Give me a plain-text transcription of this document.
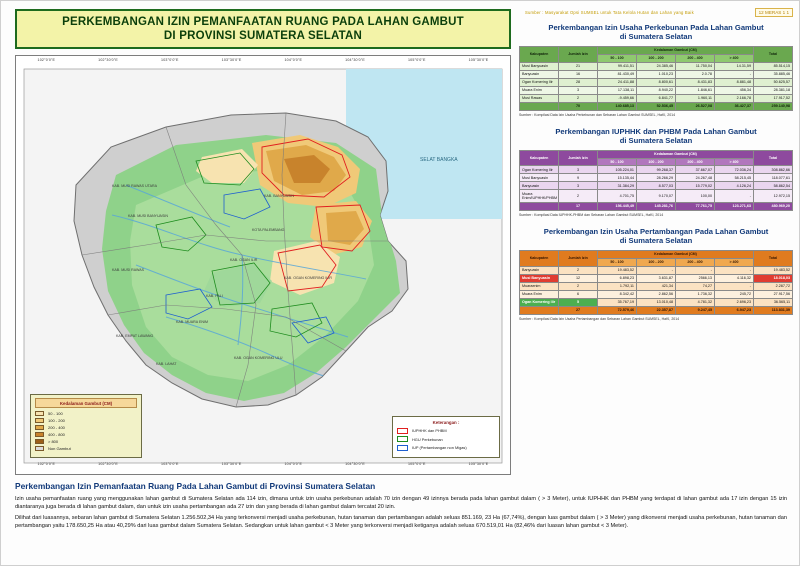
Sumber : Masyarakat Opsi SUMSEL untuk Tata Kelola Hutan dan Lahan yang Baik	12 MERAS 1 1
PERKEMBANGAN IZIN PEMANFAATAN RUANG PADA LAHAN GAMBUT
DI PROVINSI SUMATERA SELATAN
102°0'0"E	102°30'0"E	103°0'0"E	103°30'0"E	104°0'0"E	104°30'0"E	105°0'0"E	105°30'0"E
SELAT BANGKA
KAB. MUSI BANYUASIN
KAB. BANYUASIN
KAB. MUSI RAWAS
KAB. MUARA ENIM
KAB. OGAN KOMERING ILIR
KAB. OGAN KOMERING ULU
KAB. LAHAT
KOTA PALEMBANG
KAB. OGAN ILIR
KAB. EMPAT LAWANG
KAB. PALI
KAB. MUSI RAWAS UTARA
102°0'0"E	102°30'0"E	103°0'0"E	103°30'0"E	104°0'0"E	104°30'0"E	105°0'0"E	105°30'0"E
Kedalaman Gambut (CM)
50 - 100
100 - 200
200 - 400
400 - 800
> 800
Non Gambut
Keterangan :
IUPHHK dan PHBM
HGU Perkebunan
IUP (Pertambangan non Migas)
Perkembangan Izin Usaha Perkebunan Pada Lahan Gambut
di Sumatera Selatan
Kabupaten	Jumlah Izin	Kedalaman Gambut (CM)				Total
		50 - 100	100 - 200	200 - 400	> 400	
Musi Banyuasin	21	99.411,51	24.385,46	11.750,04	14.31,59	85.514,15
Banyuasin	16	81.430,49	1.010,23	2.0.78	-	35.885,46
Ogan Komering Ilir	28	24.411,88	8.800,61	8.431,83	8.881,48	50.625,57
Muara Enim	3	17.138,11	8.940,22	1.846,61	456,34	28.381,18
Musi Rawas	2	-9.459,66	6.841,77	1.960,11	2.166,78	17.917,52
	70	140.685,13	52.536,45	26.527,08	36.427,37	259.140,98
Sumber : Kompilasi Data Izin Usaha Perkebunan dan Sebaran Lahan Gambut SUMSEL, HaKI, 2014
Perkembangan IUPHHK dan PHBM Pada Lahan Gambut
di Sumatera Selatan
Kabupaten	Jumlah Izin	Kedalaman Gambut (CM)				Total
		50 - 100	100 - 200	200 - 400	> 400	
Ogan Komering Ilir	3	105.224,01	99.268,37	37.667,07	72.036,24	308.862,66
Musi Banyuasin	9	15.135,44	28.266,29	24.267,48	58.215,45	118.077,61
Banyuasin	3	31.384,29	8.577,03	15.779,02	4.126,24	58.862,54
Muara Enim/IUPHHK/PHBM	2	4.701,75	9.170,07	100,00	-	12.972,15
	17	156.445,49	145.281,76	77.761,75	123.271,63	480.969,20
Sumber : Kompilasi Data IUPHHK-PHBM dan Sebaran Lahan Gambut SUMSEL, HaKI, 2014
Perkembangan Izin Usaha Pertambangan Pada Lahan Gambut
di Sumatera Selatan
Kabupaten	Jumlah Izin	Kedalaman Gambut (CM)				Total
		50 - 100	100 - 200	200 - 400	> 400	
Banyuasin	2	19.483,52	-	-	-	19.483,52
Musi Banyuasin	12	6.898,23	3.631,87	2566,13	4.116,32	18.018,03
Muaraenim	2	1.792,11	421,34	74,27	-	2.287,72
Muara Enim	6	8.342,42	2.862,56	1.736,32	245,72	27.917,56
Ogan Komering Ilir	5	35.767,19	13.010,48	4.781,32	2.696,23	36.565,11
	27	72.579,46	22.357,87	9.247,45	6.947,23	113.831,39
Sumber : Kompilasi Data Izin Usaha Pertambangan dan Sebaran Lahan Gambut SUMSEL, HaKI, 2014
Perkembangan Izin Pemanfaatan Ruang Pada Lahan Gambut di Provinsi Sumatera Selatan

Izin usaha pemanfaatan ruang yang menggunakan lahan gambut di Sumatera Selatan ada 114 izin, dimana untuk izin usaha perkebunan adalah 70 izin dengan 49 izinnya berada pada lahan gambut dalam ( > 3 Meter), untuk IUPHHK dan PHBM yang terdapat di lahan gambut ada 17 izin dengan 15 izin diantaranya juga berada di lahan gambut dalam, dan untuk izin usaha pertambangan ada 27 izin dan yang berada di lahan gambut dalam tercatat 20 izin.

Dilihat dari luasannya, sebaran lahan gambut di Sumatera Selatan 1.256.502,34 Ha yang terkonversi menjadi usaha perkebunan, hutan tanaman dan pertambangan adalah seluas 851.169, 23 Ha (67,74%), dengan luas gambut dalam ( > 3 Meter) yang dikonversi menjadi usaha perkebunan, hutan tanaman dan pertambangan yaitu 178.650,25 Ha atau 40,29% dari luas gambut dalam Sumatera Selatan. Sedangkan untuk lahan gambut < 3 Meter yang terkonversi menjadi ketiganya adalah seluas 670.519,01 Ha (82,46% dari luasan lahan gambut < 3 Meter).
